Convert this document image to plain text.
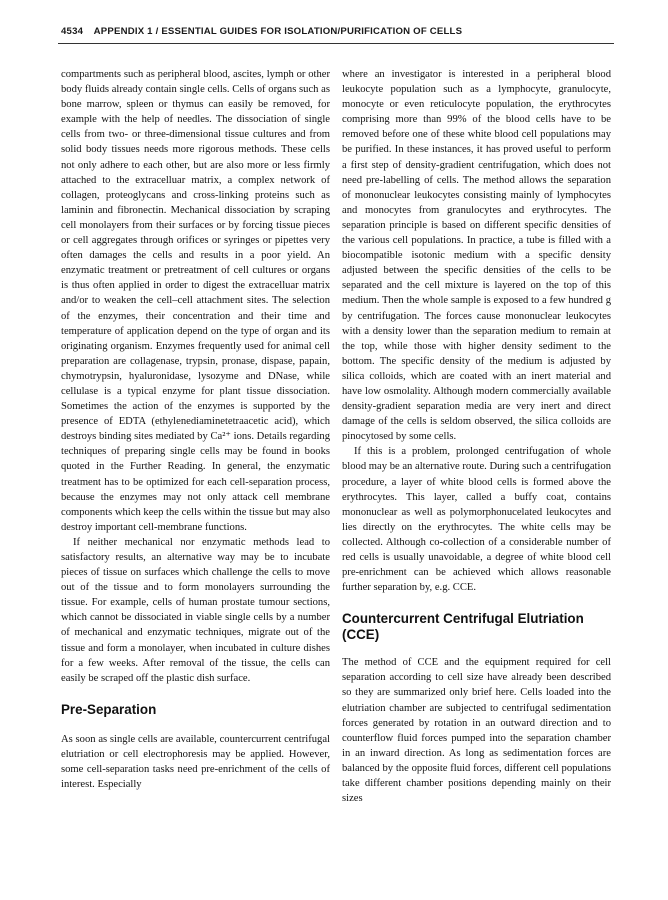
4534 APPENDIX 1 / ESSENTIAL GUIDES FOR ISOLATION/PURIFICATION OF CELLS

compartments such as peripheral blood, ascites, lymph or other body fluids already contain single cells. Cells of organs such as bone marrow, spleen or thymus can easily be removed, for example with the help of needles. The dissociation of single cells from two- or three-dimensional tissue cultures and from solid body tissues needs more rigorous methods. These cells not only adhere to each other, but are also more or less firmly attached to the extracelluar matrix, a complex network of collagen, proteoglycans and cross-linking proteins such as laminin and fibronectin. Mechanical dissociation by scraping cell monolayers from their surfaces or by forcing tissue pieces or cell aggregates through orifices or syringes or pipettes very often damages the cells and results in a poor yield. An enzymatic treatment or pretreatment of cell cultures or organs is thus often applied in order to digest the extracelluar matrix and/or to weaken the cell–cell attachment sites. The selection of the enzymes, their concentration and their time and temperature of application depend on the type of organ and its originating organism. Enzymes frequently used for animal cell preparation are collagenase, trypsin, pronase, dispase, papain, chymotrypsin, hyaluronidase, lysozyme and DNase, while cellulase is a typical enzyme for plant tissue dissociation. Sometimes the action of the enzymes is supported by the presence of EDTA (ethylenediaminetetraacetic acid), which destroys binding sites mediated by Ca²⁺ ions. Details regarding techniques of preparing single cells may be found in books quoted in the Further Reading. In general, the enzymatic treatment has to be optimized for each cell-separation process, because the enzymes may not only attack cell membrane components which keep the cells within the tissue but may also destroy important cell-membrane functions.

If neither mechanical nor enzymatic methods lead to satisfactory results, an alternative way may be to incubate pieces of tissue on surfaces which challenge the cells to move out of the tissue and to form monolayers surrounding the tissue. For example, cells of human prostate tumour sections, which cannot be dissociated in viable single cells by a number of mechanical and enzymatic techniques, migrate out of the tissue and form a monolayer, when incubated in culture dishes for a few weeks. After removal of the tissue, the cells can easily be scraped off the plastic dish surface.

Pre-Separation

As soon as single cells are available, countercurrent centrifugal elutriation or cell electrophoresis may be applied. However, some cell-separation tasks need pre-enrichment of the cells of interest. Especially

where an investigator is interested in a peripheral blood leukocyte population such as a lymphocyte, granulocyte, monocyte or even reticulocyte population, the erythrocytes comprising more than 99% of the blood cells have to be removed before one of these white blood cell populations may be purified. In these instances, it has proved useful to perform a first step of density-gradient centrifugation, which does not need pre-labelling of cells. The method allows the separation of mononuclear leukocytes consisting mainly of lymphocytes and monocytes from granulocytes and erythrocytes. The separation principle is based on different specific densities of the various cell populations. In practice, a tube is filled with a biocompatible isotonic medium with a specific density adjusted between the specific densities of the cells to be separated and the cell mixture is layered on the top of this medium. Then the whole sample is exposed to a few hundred g by centrifugation. The forces cause mononuclear leukocytes with a density lower than the separation medium to remain at the top, while those with higher density sediment to the bottom. The specific density of the medium is adjusted by silica colloids, which are coated with an inert material and have low osmolality. Although modern commercially available density-gradient separation media are very inert and direct damage of the cells is seldom observed, the silica colloids are pinocytosed by some cells.

If this is a problem, prolonged centrifugation of whole blood may be an alternative route. During such a centrifugation procedure, a layer of white blood cells is formed above the erythrocytes. This layer, called a buffy coat, contains mononuclear as well as polymorphonucelated leukocytes and lies directly on the erythrocytes. The white cells may be collected. Although co-collection of a considerable number of red cells is usually unavoidable, a degree of white blood cell pre-enrichment can be achieved which allows reasonable further separation by, e.g. CCE.

Countercurrent Centrifugal Elutriation (CCE)

The method of CCE and the equipment required for cell separation according to cell size have already been described so they are summarized only brief here. Cells loaded into the elutriation chamber are subjected to centrifugal sedimentation forces generated by rotation in an outward direction and to counterflow fluid forces pumped into the separation chamber in an inward direction. As long as sedimentation forces are balanced by the opposite fluid forces, different cell populations take different chamber positions depending mainly on their sizes
